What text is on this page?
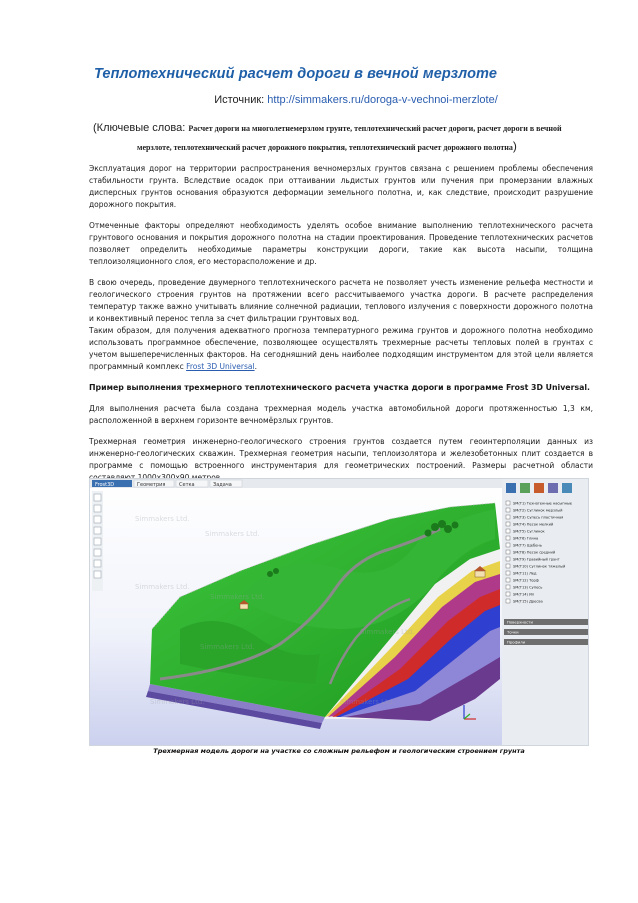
Теплотехнический расчет дороги в вечной мерзлоте
Источник: http://simmakers.ru/doroga-v-vechnoi-merzlote/
(Ключевые слова: Расчет дороги на многолетнемерзлом грунте, теплотехнический расчет дороги, расчет дороги в вечной
мерзлоте, теплотехнический расчет дорожного покрытия, теплотехнический расчет дорожного полотна)

Эксплуатация дорог на территории распространения вечномерзлых грунтов связана с решением проблемы обеспечения стабильности грунта. Вследствие осадок при оттаивании льдистых грунтов или пучения при промерзании влажных дисперсных грунтов основания образуются деформации земельного полотна, и, как следствие, происходит разрушение дорожного покрытия.

Отмеченные факторы определяют необходимость уделять особое внимание выполнению теплотехнического расчета грунтового основания и покрытия дорожного полотна на стадии проектирования. Проведение теплотехнических расчетов позволяет определить необходимые параметры конструкции дороги, такие как высота насыпи, толщина теплоизоляционного слоя, его месторасположение и др.

В свою очередь, проведение двумерного теплотехнического расчета не позволяет учесть изменение рельефа местности и геологического строения грунтов на протяжении всего рассчитываемого участка дороги. В расчете распределения температур также важно учитывать влияние солнечной радиации, теплового излучения с поверхности дорожного полотна и конвективный перенос тепла за счет фильтрации грунтовых вод.

Таким образом, для получения адекватного прогноза температурного режима грунтов и дорожного полотна необходимо использовать программное обеспечение, позволяющее осуществлять трехмерные расчеты тепловых полей в грунтах с учетом вышеперечисленных факторов. На сегодняшний день наиболее подходящим инструментом для этой цели является программный комплекс Frost 3D Universal.

Пример выполнения трехмерного теплотехнического расчета участка дороги в программе Frost 3D Universal.

Для выполнения расчета была создана трехмерная модель участка автомобильной дороги протяженностью 1,3 км, расположенной в верхнем горизонте вечномёрзлых грунтов.

Трехмерная геометрия инженерно-геологического строения грунтов создается путем геоинтерполяции данных из инженерно-геологических скважин. Трехмерная геометрия насыпи, теплоизолятора и железобетонных плит создается в программе с помощью встроенного инструментария для геометрических построений. Размеры расчетной области

Frost3D	Геометрия	Сетка	Задача
Simmakers Ltd.
Simmakers Ltd.
Simmakers Ltd.
Simmakers Ltd.
Simmakers Ltd.
Simmakers Ltd.
Simmakers Ltd.	Simmakers Ltd.
SM(T1) Техногенные насыпные
SM(T2) Суглинок мерзлый
SM(T3) Супесь пластичная
SM(T4) Песок мелкий
SM(T5) Суглинок
SM(T6) Глина
SM(T7) Щебень
SM(T8) Песок средний
SM(T9) Гравийный грунт
SM(T10) Суглинок тяжелый
SM(T11) Лед
SM(T12) Торф
SM(T13) Супесь
SM(T14) Ил
SM(T15) Дресва
Поверхности
Точки
Профили
Трехмерная модель дороги на участке со сложным рельефом и геологическим строением грунта
